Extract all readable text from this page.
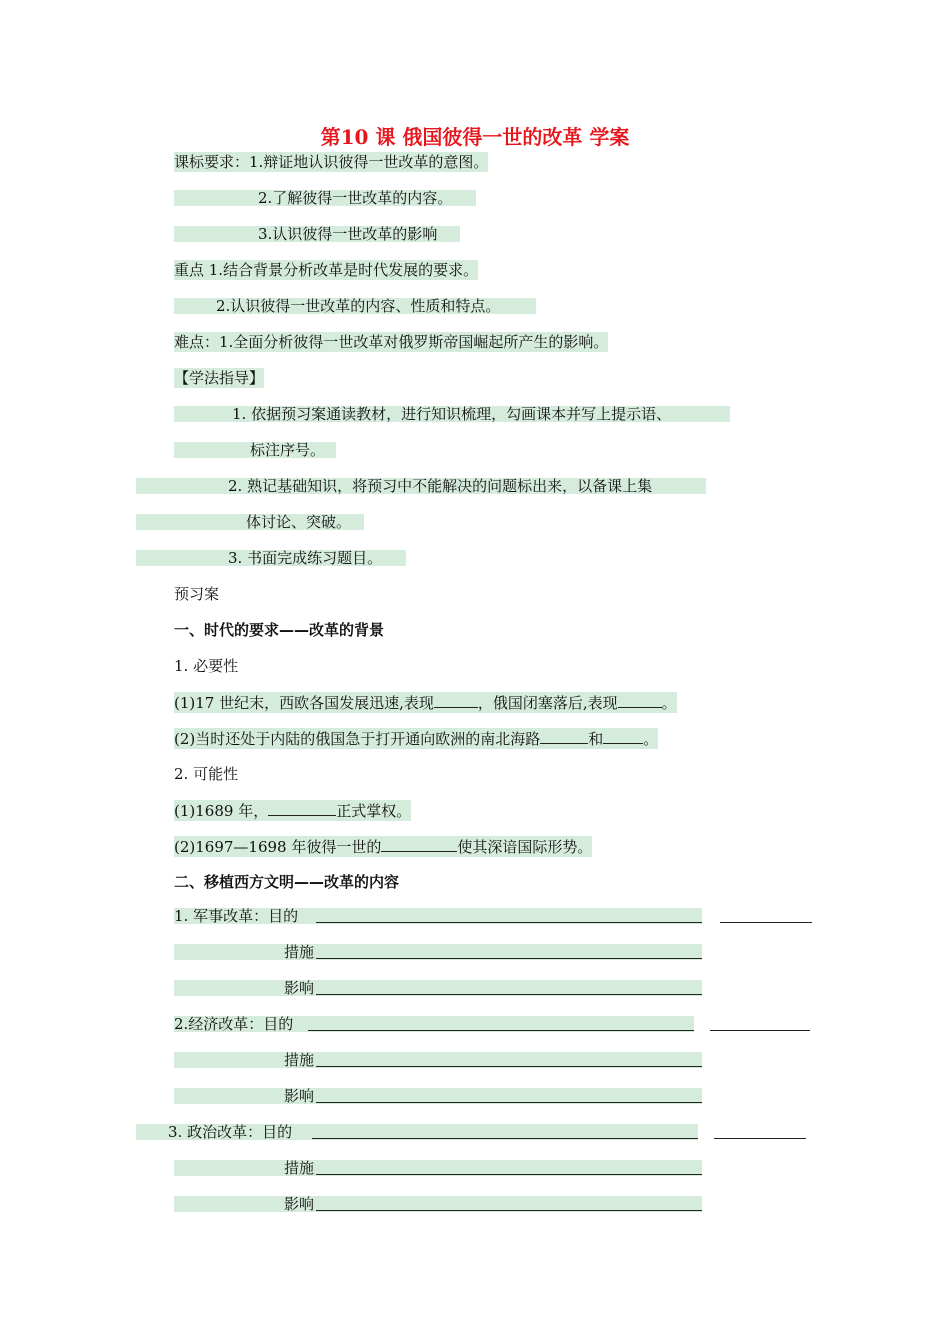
第10 课 俄国彼得一世的改革 学案
课标要求：1.辩证地认识彼得一世改革的意图。
2.了解彼得一世改革的内容。
3.认识彼得一世改革的影响
重点 1.结合背景分析改革是时代发展的要求。
2.认识彼得一世改革的内容、性质和特点。
难点：1.全面分析彼得一世改革对俄罗斯帝国崛起所产生的影响。
【学法指导】
1. 依据预习案通读教材，进行知识梳理，勾画课本并写上提示语、
标注序号。
2. 熟记基础知识，将预习中不能解决的问题标出来，以备课上集
体讨论、突破。
3. 书面完成练习题目。
预习案
一、时代的要求——改革的背景
1. 必要性
(1)17 世纪末，西欧各国发展迅速,表现	，俄国闭塞落后,表现	。
(2)当时还处于内陆的俄国急于打开通向欧洲的南北海路	和	。
2. 可能性
(1)1689 年，	正式掌权。
(2)1697—1698 年彼得一世的	使其深谙国际形势。
二、移植西方文明——改革的内容
1. 军事改革：目的
措施
影响
2.经济改革：目的
措施
影响
3. 政治改革：目的
措施
影响
